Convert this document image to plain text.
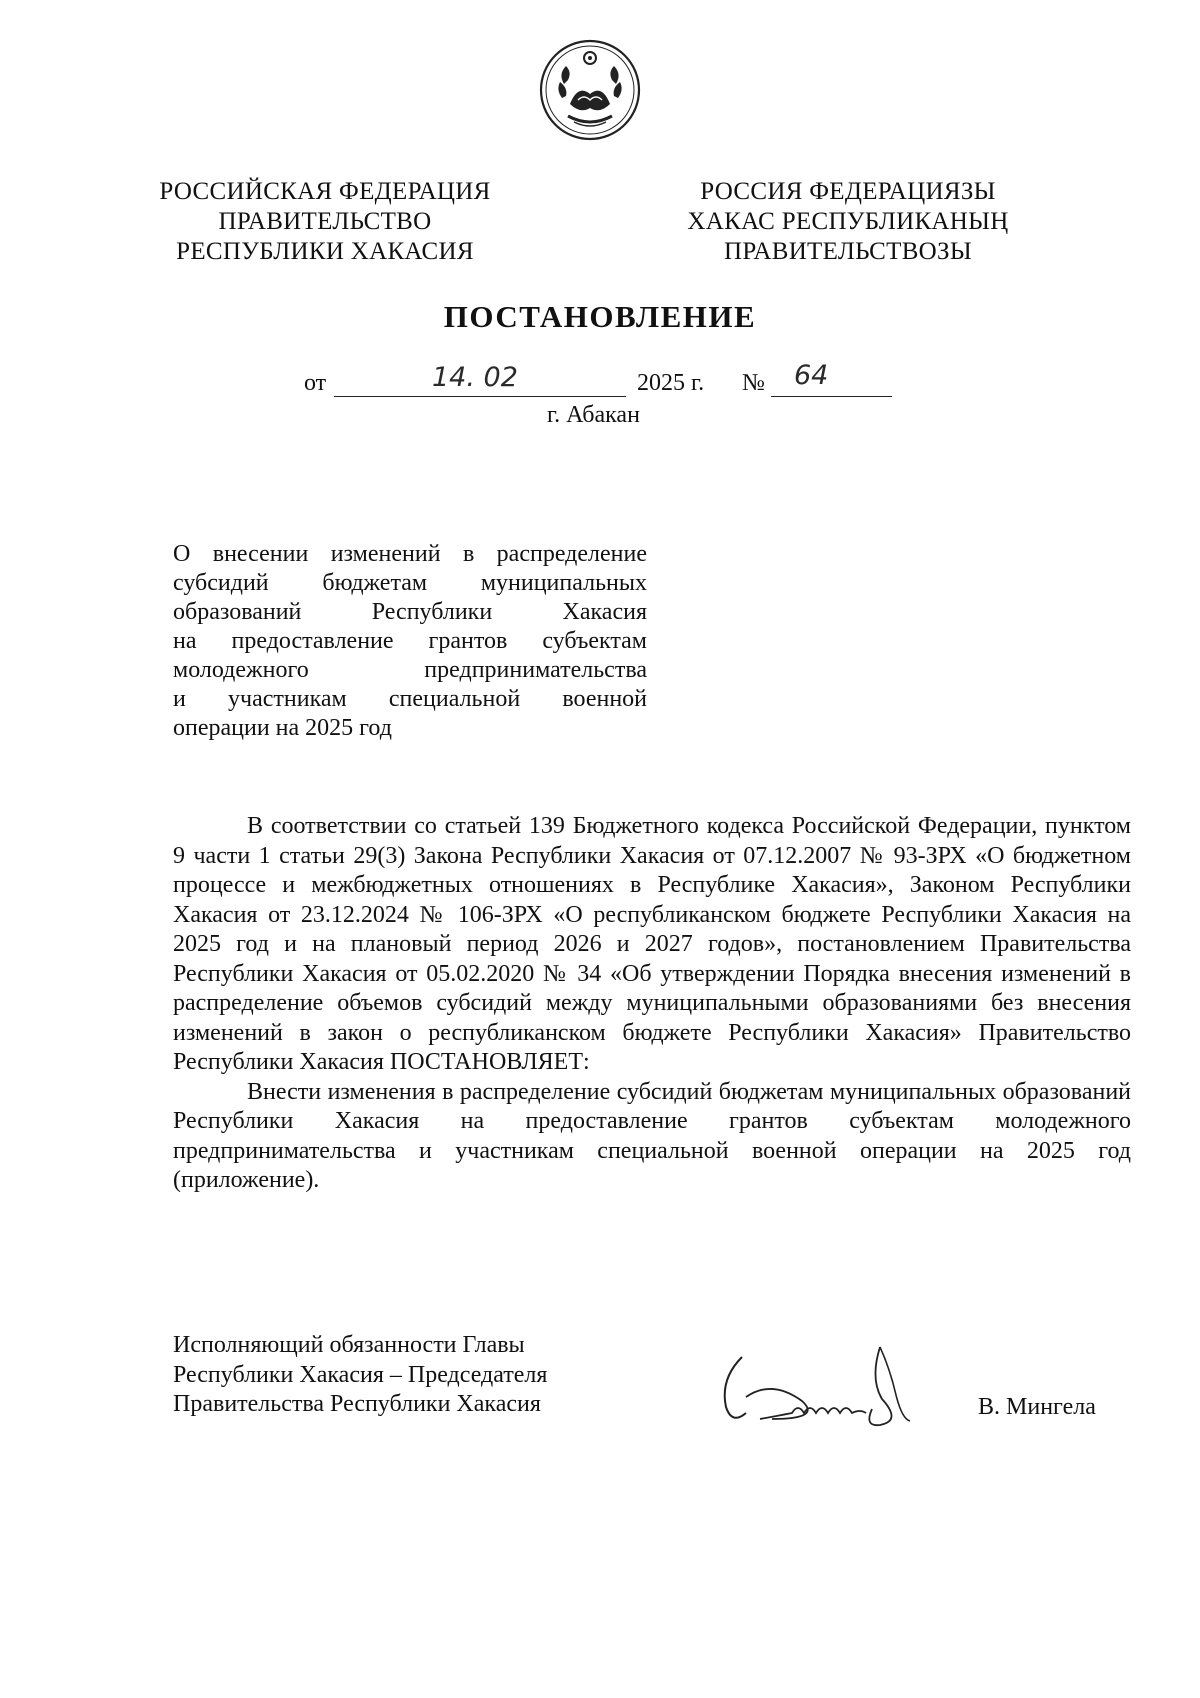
РОССИЙСКАЯ ФЕДЕРАЦИЯ
ПРАВИТЕЛЬСТВО
РЕСПУБЛИКИ ХАКАСИЯ
РОССИЯ ФЕДЕРАЦИЯЗЫ
ХАКАС РЕСПУБЛИКАНЫҢ
ПРАВИТЕЛЬСТВОЗЫ
ПОСТАНОВЛЕНИЕ
от	14. 02	2025 г. № 64
г. Абакан
О внесении изменений в распределение
субсидий бюджетам муниципальных
образований Республики Хакасия
на предоставление грантов субъектам
молодежного предпринимательства
и участникам специальной военной
операции на 2025 год

В соответствии со статьей 139 Бюджетного кодекса Российской Федерации, пунктом 9 части 1 статьи 29(3) Закона Республики Хакасия от 07.12.2007 № 93-ЗРХ «О бюджетном процессе и межбюджетных отношениях в Республике Хакасия», Законом Республики Хакасия от 23.12.2024 № 106-ЗРХ «О республиканском бюджете Республики Хакасия на 2025 год и на плановый период 2026 и 2027 годов», постановлением Правительства Республики Хакасия от 05.02.2020 № 34 «Об утверждении Порядка внесения изменений в распределение объемов субсидий между муниципальными образованиями без внесения изменений в закон о республиканском бюджете Республики Хакасия» Правительство Республики Хакасия ПОСТАНОВЛЯЕТ:

Внести изменения в распределение субсидий бюджетам муниципальных образований Республики Хакасия на предоставление грантов субъектам молодежного предпринимательства и участникам специальной военной операции на 2025 год (приложение).

Исполняющий обязанности Главы
Республики Хакасия – Председателя
Правительства Республики Хакасия	В. Мингела
